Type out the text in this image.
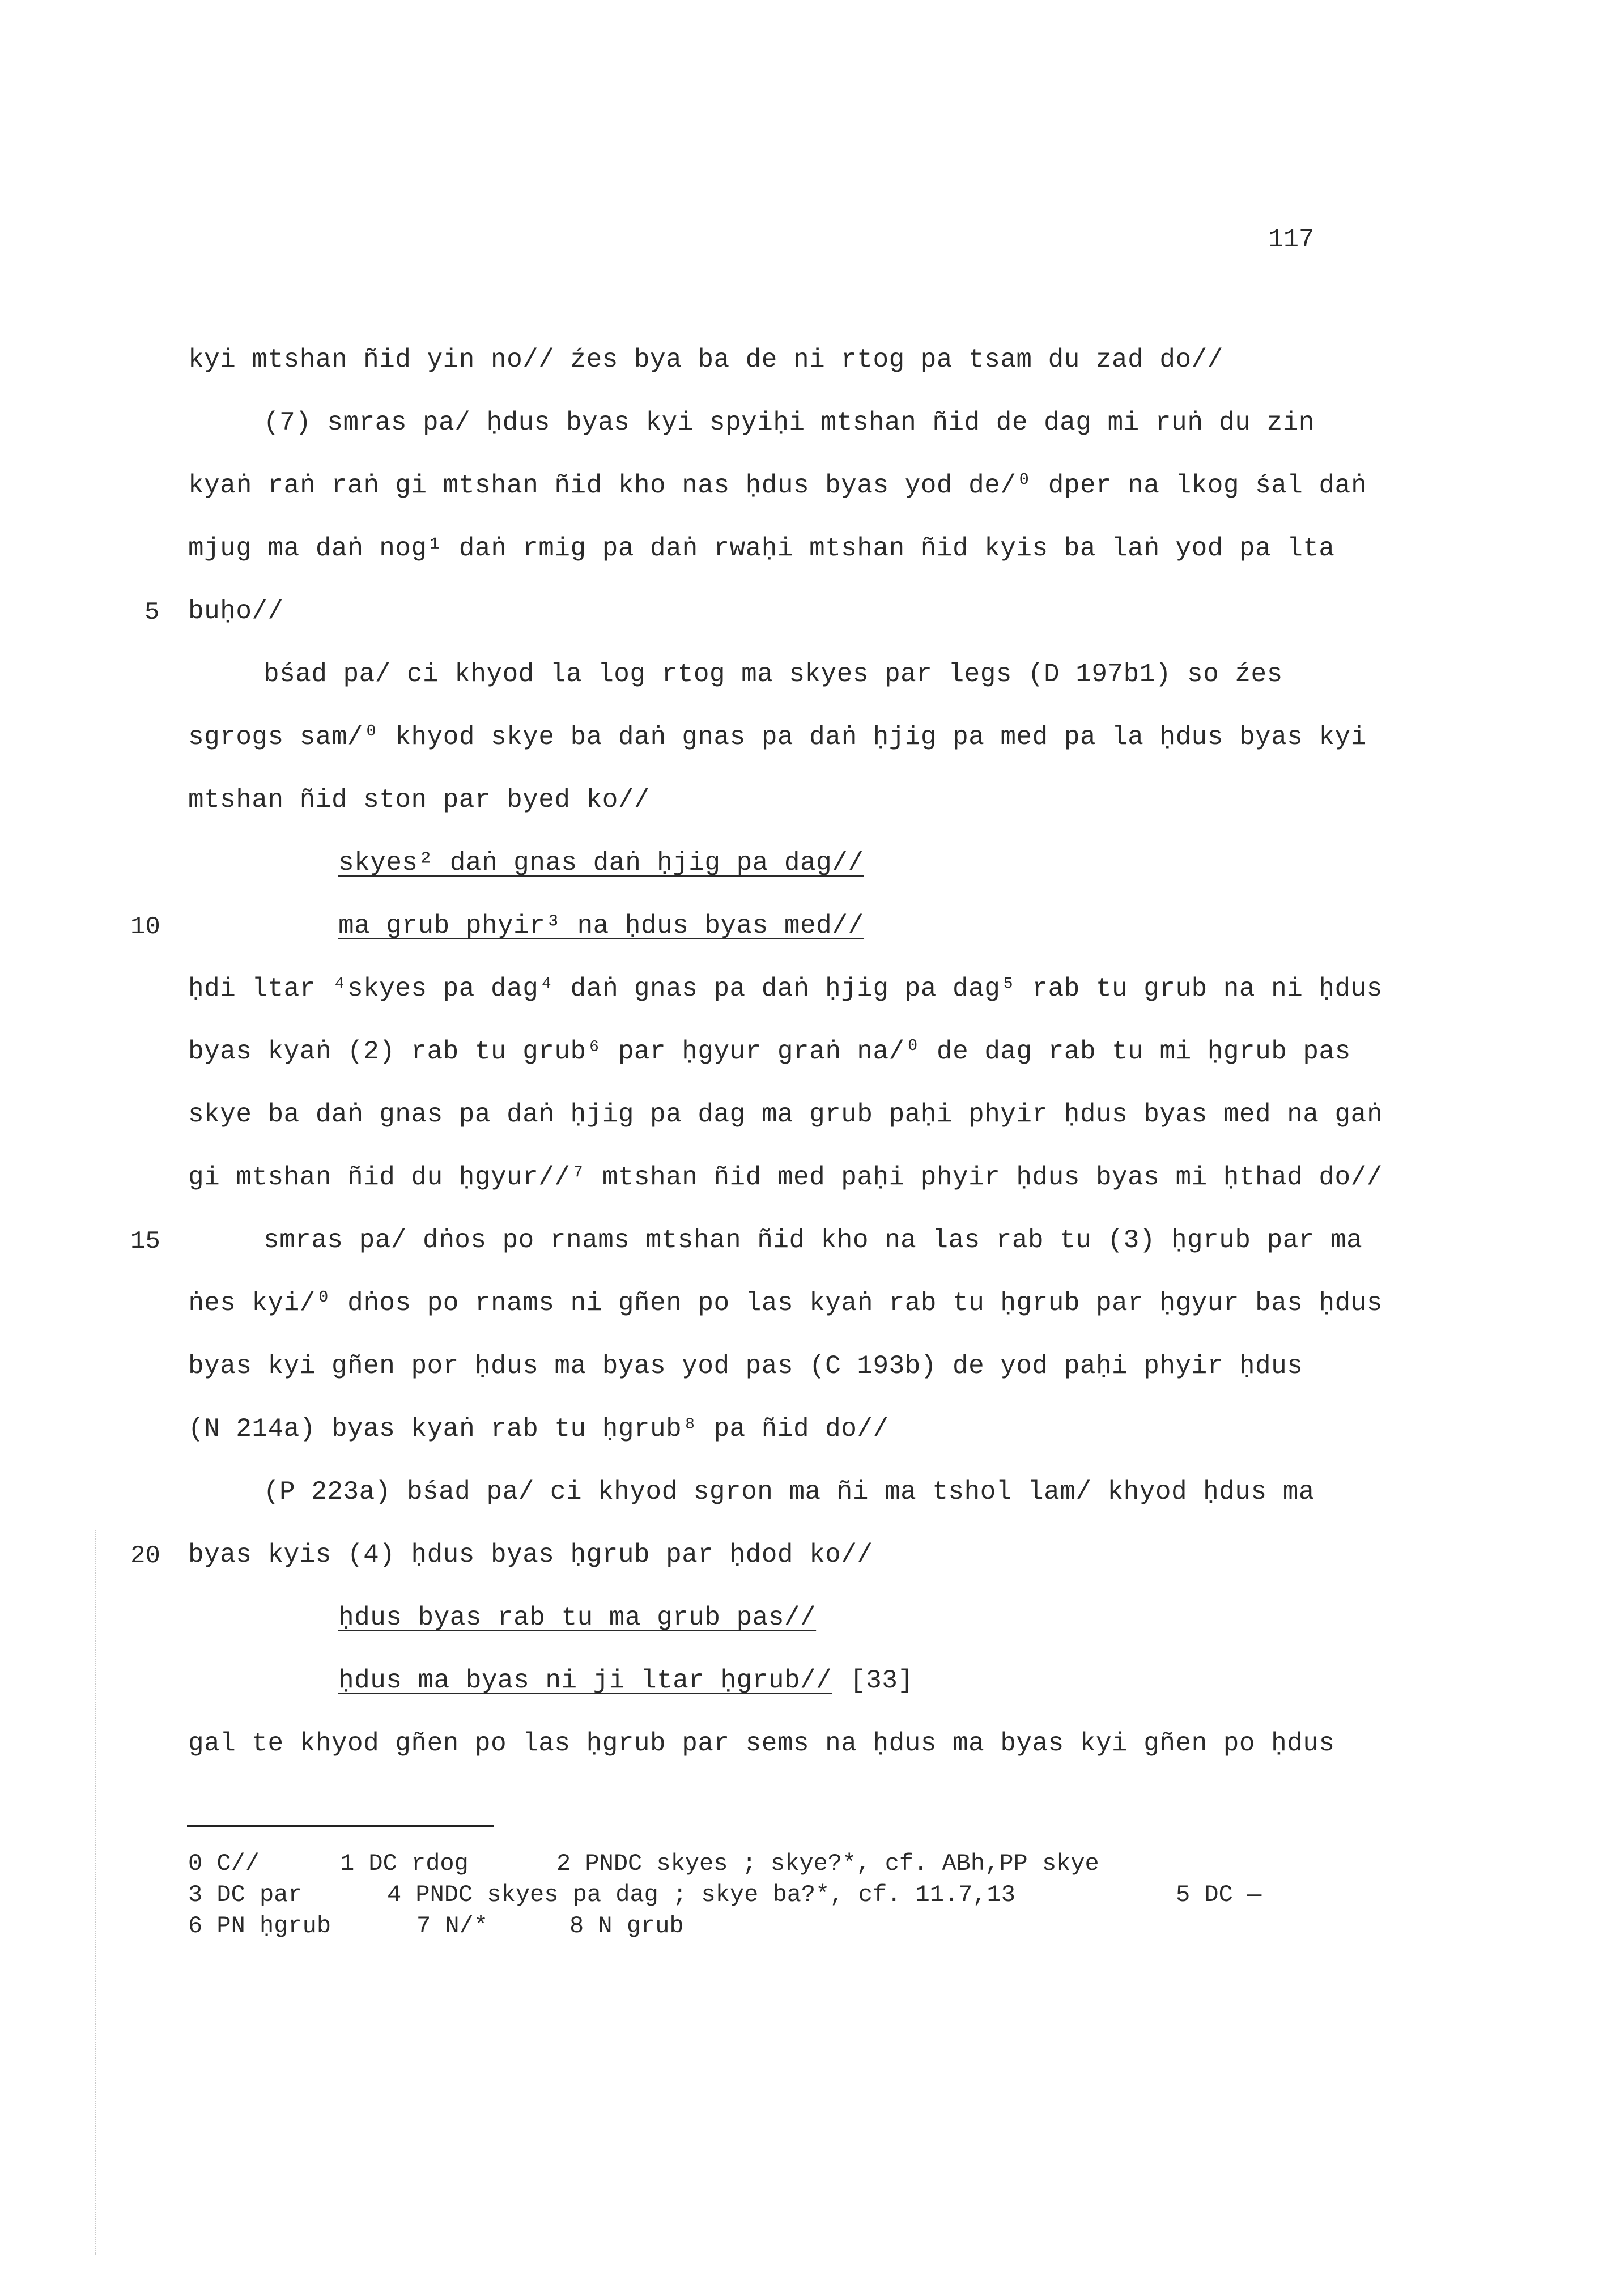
117
kyi mtshan ñid yin no// źes bya ba de ni rtog pa tsam du zad do//
(7) smras pa/ ḥdus byas kyi spyiḥi mtshan ñid de dag mi ruṅ du zin
kyaṅ raṅ raṅ gi mtshan ñid kho nas ḥdus byas yod de/⁰ dper na lkog śal daṅ
mjug ma daṅ nog¹ daṅ rmig pa daṅ rwaḥi mtshan ñid kyis ba laṅ yod pa lta
5 buḥo//
bśad pa/ ci khyod la log rtog ma skyes par legs (D 197b1) so źes
sgrogs sam/⁰ khyod skye ba daṅ gnas pa daṅ ḥjig pa med pa la ḥdus byas kyi
mtshan ñid ston par byed ko//
skyes² daṅ gnas daṅ ḥjig pa dag//
10	ma grub phyir³ na ḥdus byas med//
ḥdi ltar ⁴skyes pa dag⁴ daṅ gnas pa daṅ ḥjig pa dag⁵ rab tu grub na ni ḥdus
byas kyaṅ (2) rab tu grub⁶ par ḥgyur graṅ na/⁰ de dag rab tu mi ḥgrub pas
skye ba daṅ gnas pa daṅ ḥjig pa dag ma grub paḥi phyir ḥdus byas med na gaṅ
gi mtshan ñid du ḥgyur//⁷ mtshan ñid med paḥi phyir ḥdus byas mi ḥthad do//
15	smras pa/ dṅos po rnams mtshan ñid kho na las rab tu (3) ḥgrub par ma
ṅes kyi/⁰ dṅos po rnams ni gñen po las kyaṅ rab tu ḥgrub par ḥgyur bas ḥdus
byas kyi gñen por ḥdus ma byas yod pas (C 193b) de yod paḥi phyir ḥdus
(N 214a) byas kyaṅ rab tu ḥgrub⁸ pa ñid do//
(P 223a) bśad pa/ ci khyod sgron ma ñi ma tshol lam/ khyod ḥdus ma
20 byas kyis (4) ḥdus byas ḥgrub par ḥdod ko//
ḥdus byas rab tu ma grub pas//
ḥdus ma byas ni ji ltar ḥgrub// [33]
gal te khyod gñen po las ḥgrub par sems na ḥdus ma byas kyi gñen po ḥdus
0 C//	1 DC rdog	2 PNDC skyes ; skye?*, cf. ABh,PP skye
3 DC par	4 PNDC skyes pa dag ; skye ba?*, cf. 11.7,13	5 DC —
6 PN ḥgrub	7 N/*	8 N grub
